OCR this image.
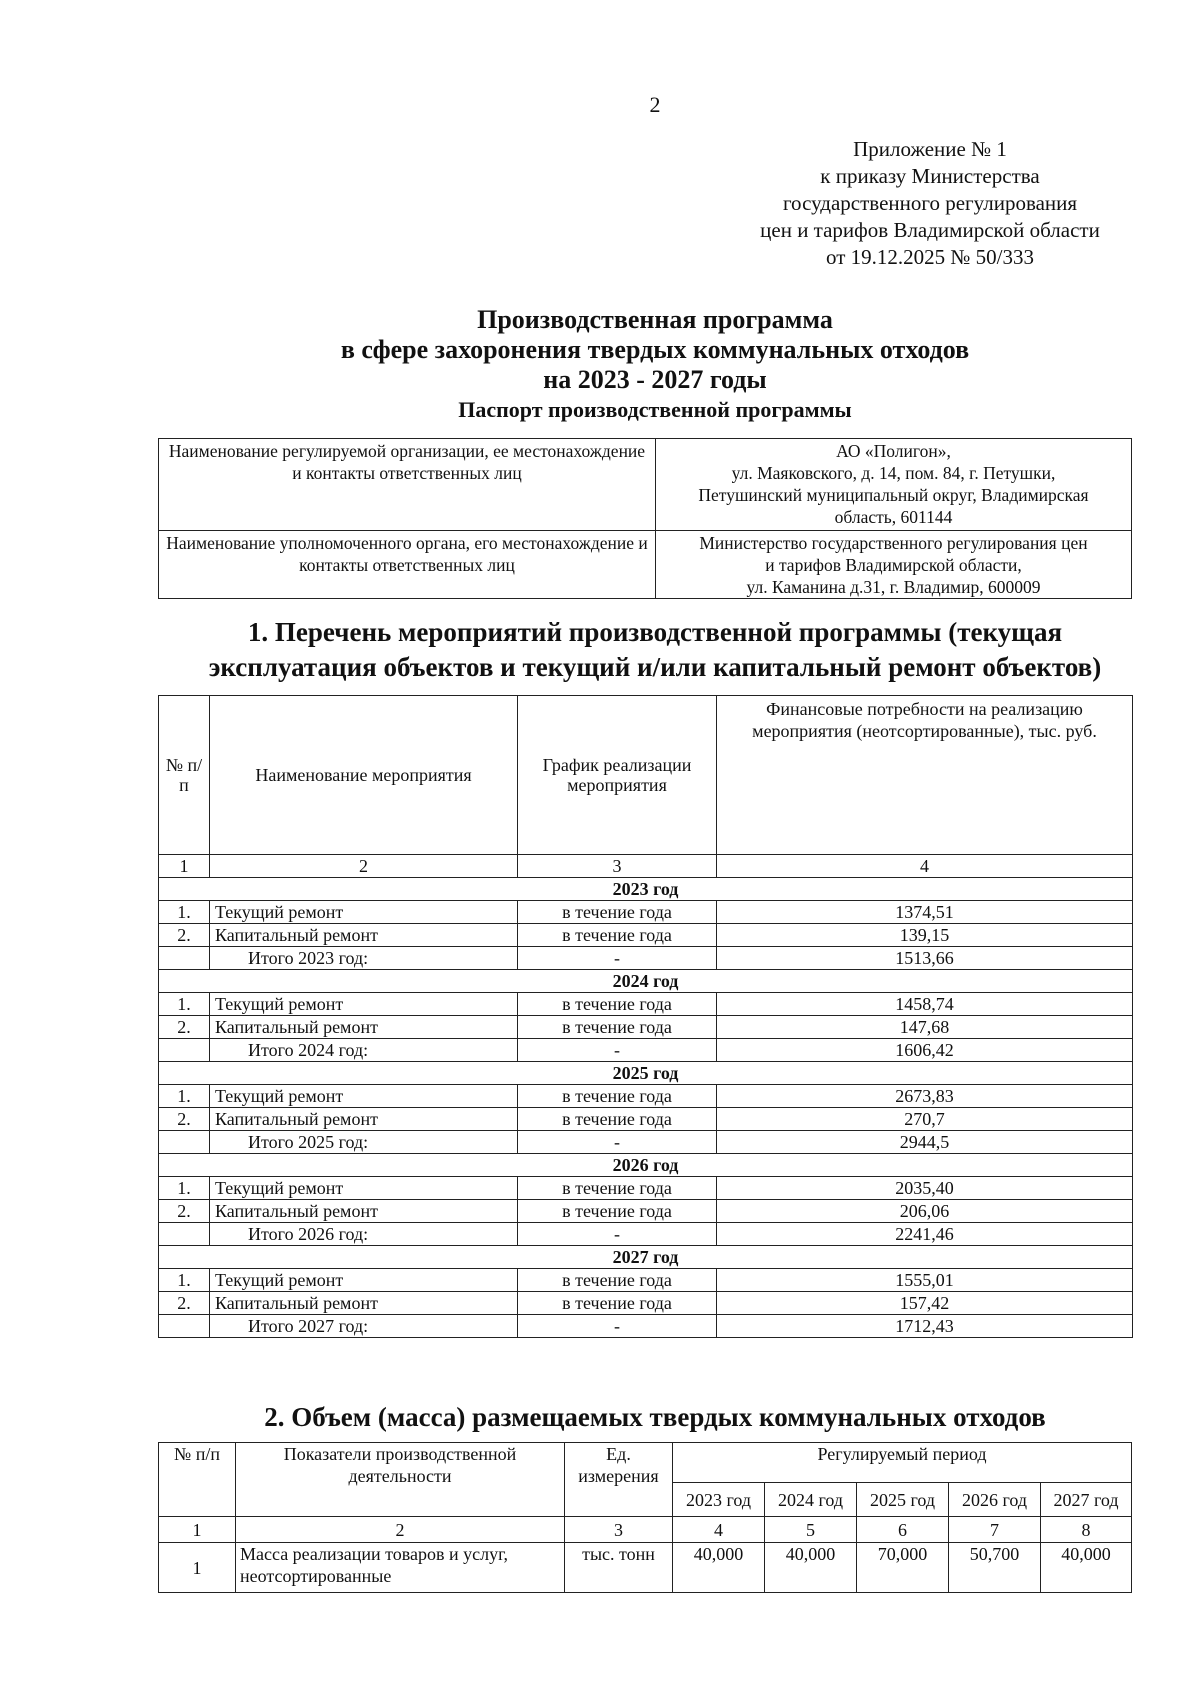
2
Приложение № 1
к приказу Министерства
государственного регулирования
цен и тарифов Владимирской области
от 19.12.2025 № 50/333
Производственная программа
в сфере захоронения твердых коммунальных отходов
на 2023 - 2027 годы
Паспорт производственной программы
Наименование регулируемой организации, ее местонахождение и контакты ответственных лиц	АО «Полигон»,
ул. Маяковского, д. 14, пом. 84, г. Петушки,
Петушинский муниципальный округ, Владимирская
область, 601144

Наименование уполномоченного органа, его местонахождение и контакты ответственных лиц	Министерство государственного регулирования цен
и тарифов Владимирской области,
ул. Каманина д.31, г. Владимир, 600009
1. Перечень мероприятий производственной программы (текущая
эксплуатация объектов и текущий и/или капитальный ремонт объектов)
№ п/п	Наименование мероприятия	График реализации мероприятия	Финансовые потребности на реализацию мероприятия (неотсортированные), тыс. руб.
1	2	3	4
2023 год			
1.	Текущий ремонт	в течение года	1374,51
2.	Капитальный ремонт	в течение года	139,15
	Итого 2023 год:	-	1513,66
2024 год			
1.	Текущий ремонт	в течение года	1458,74
2.	Капитальный ремонт	в течение года	147,68
	Итого 2024 год:	-	1606,42
2025 год			
1.	Текущий ремонт	в течение года	2673,83
2.	Капитальный ремонт	в течение года	270,7
	Итого 2025 год:	-	2944,5
2026 год			
1.	Текущий ремонт	в течение года	2035,40
2.	Капитальный ремонт	в течение года	206,06
	Итого 2026 год:	-	2241,46
2027 год			
1.	Текущий ремонт	в течение года	1555,01
2.	Капитальный ремонт	в течение года	157,42
	Итого 2027 год:	-	1712,43
2. Объем (масса) размещаемых твердых коммунальных отходов
№ п/п	Показатели производственной деятельности	Ед. измерения	Регулируемый период				
			2023 год	2024 год	2025 год	2026 год	2027 год
1	2	3	4	5	6	7	8
1	Масса реализации товаров и услуг, неотсортированные	тыс. тонн	40,000	40,000	70,000	50,700	40,000
